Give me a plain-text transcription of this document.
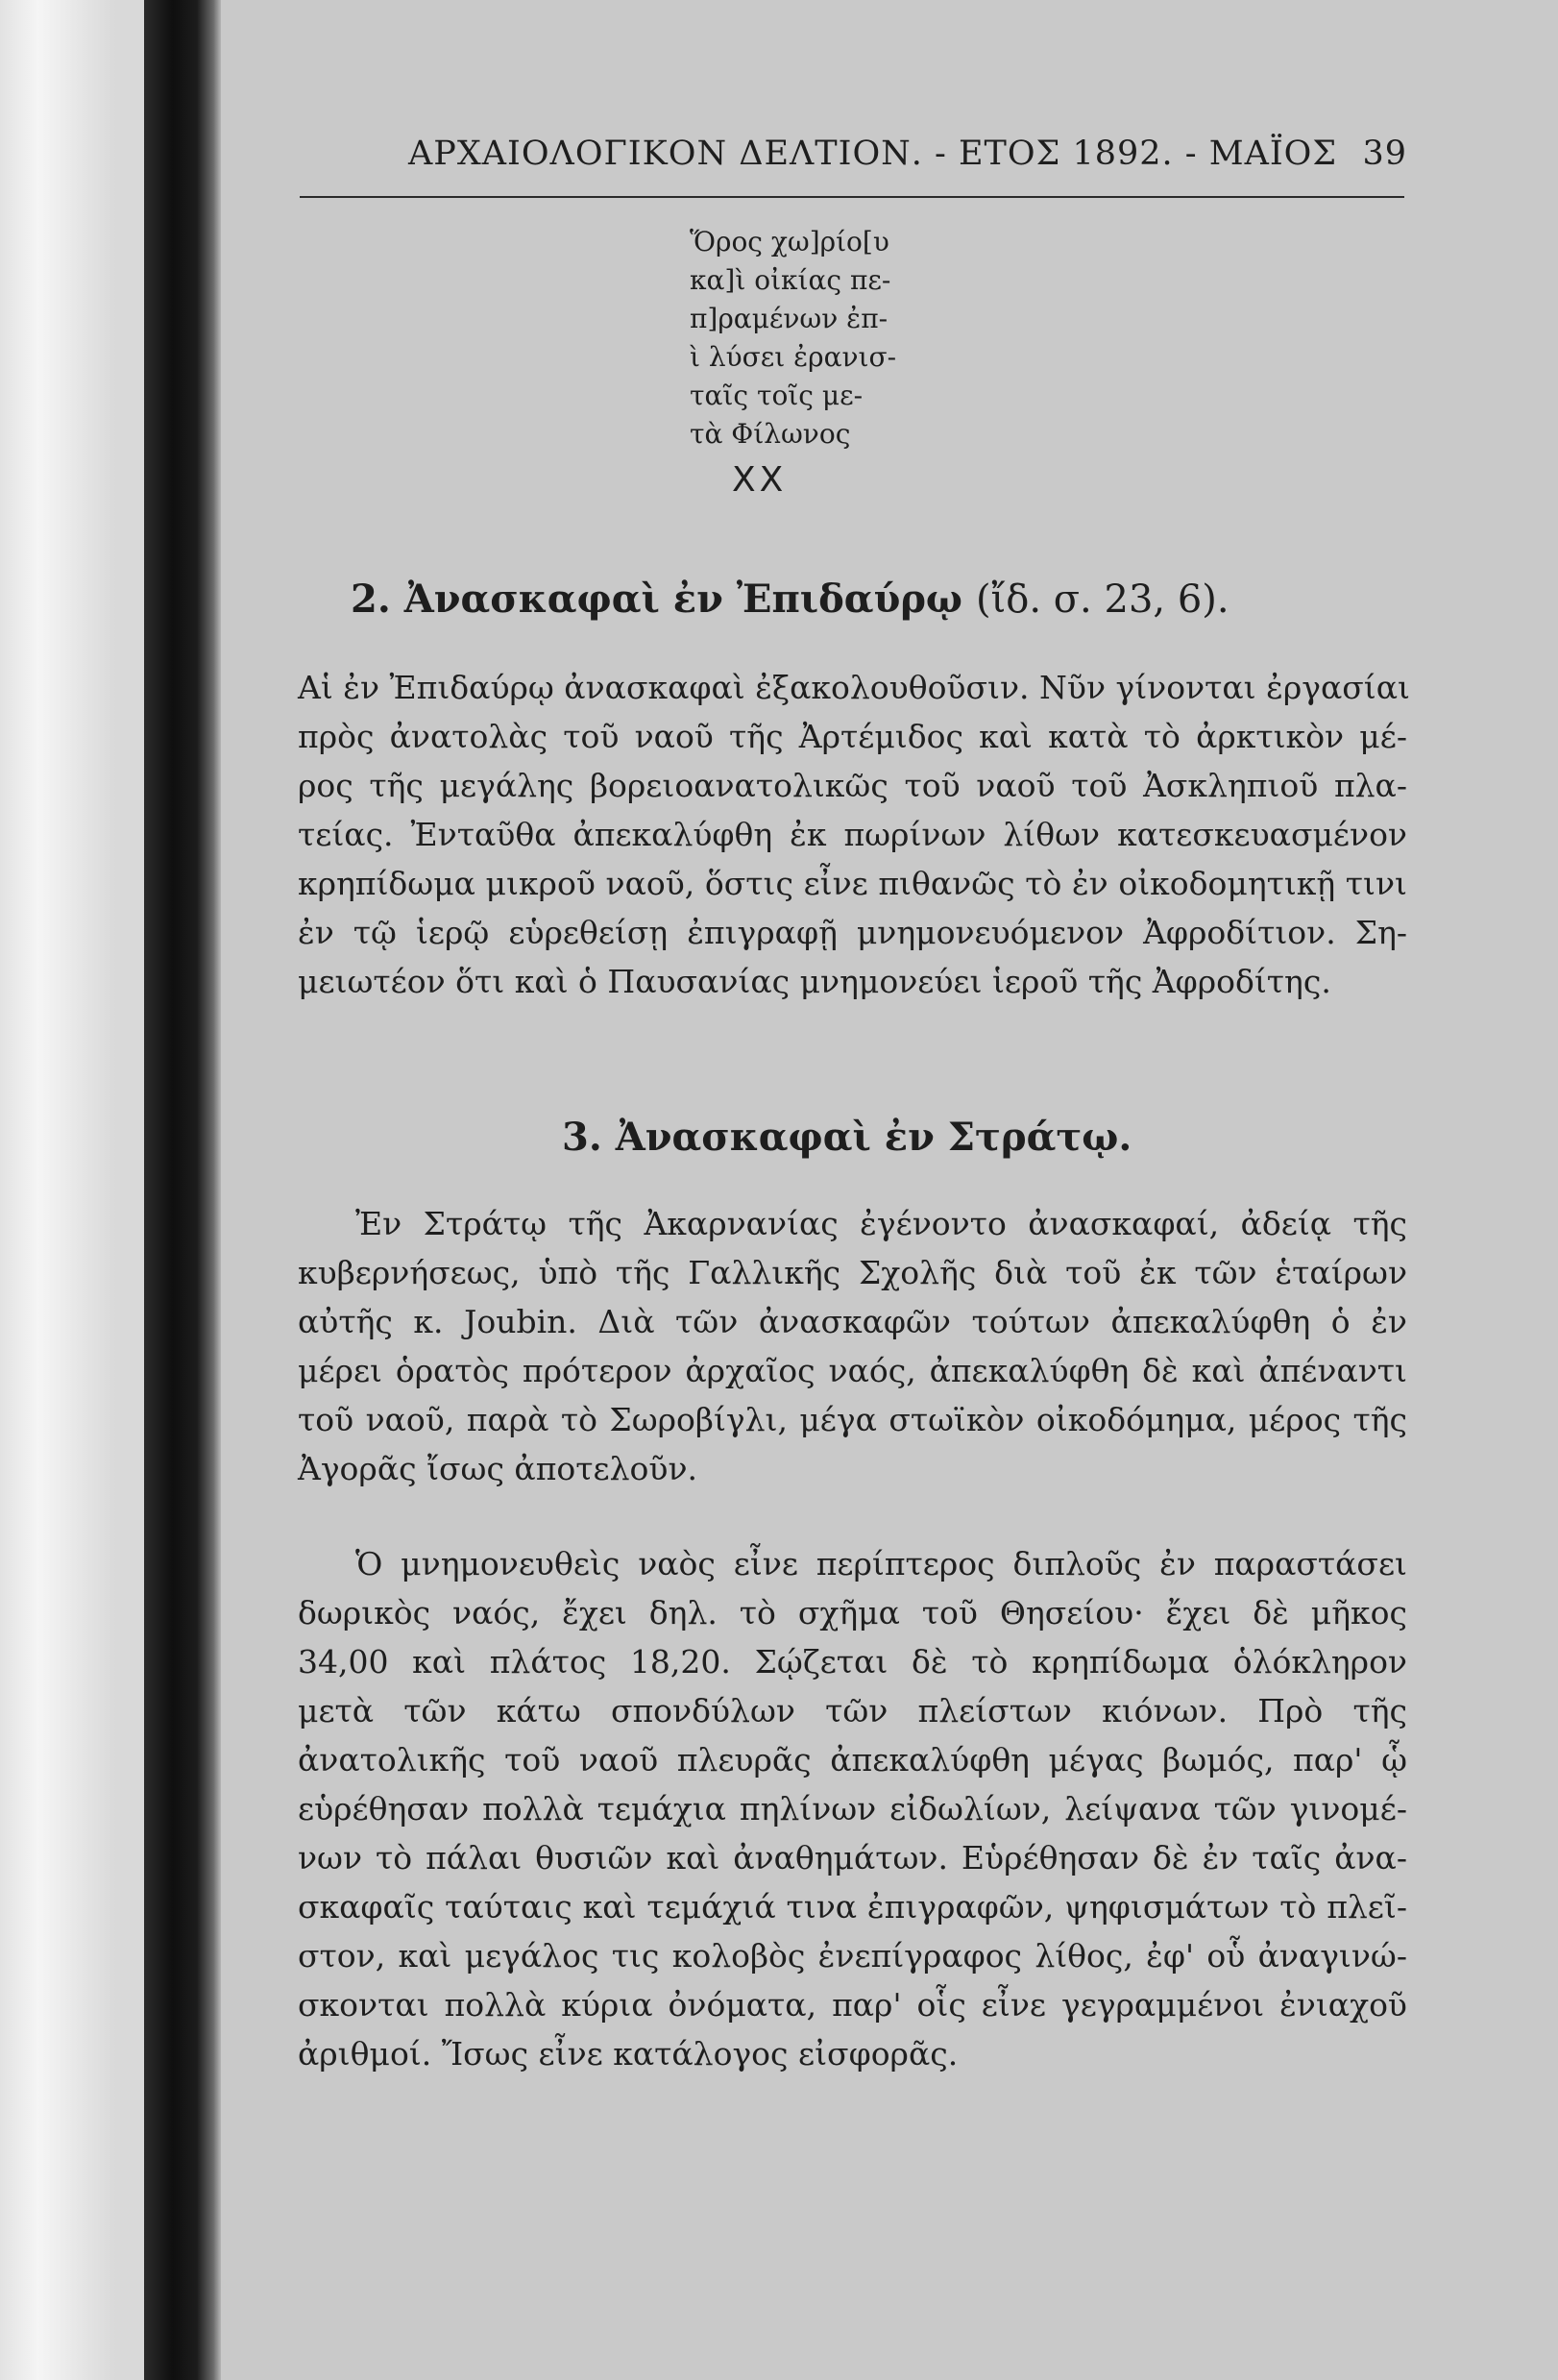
ΑΡΧΑΙΟΛΟΓΙΚΟΝ ΔΕΛΤΙΟΝ. - ΕΤΟΣ 1892. - ΜΑΪΟΣ 39
Ὅρος χω]ρίο[υ
κα]ὶ οἰκίας πε-
π]ραμένων ἐπ-
ὶ λύσει ἐρανισ-
ταῖς τοῖς με-
τὰ Φίλωνος
XX
2. Ἀνασκαφαὶ ἐν Ἐπιδαύρῳ (ἴδ. σ. 23, 6).
Αἱ ἐν Ἐπιδαύρῳ ἀνασκαφαὶ ἐξακολουθοῦσιν. Νῦν γίνονται ἐργασίαι
πρὸς ἀνατολὰς τοῦ ναοῦ τῆς Ἀρτέμιδος καὶ κατὰ τὸ ἀρκτικὸν μέ-
ρος τῆς μεγάλης βορειοανατολικῶς τοῦ ναοῦ τοῦ Ἀσκληπιοῦ πλα-
τείας. Ἐνταῦθα ἀπεκαλύφθη ἐκ πωρίνων λίθων κατεσκευασμένον
κρηπίδωμα μικροῦ ναοῦ, ὅστις εἶνε πιθανῶς τὸ ἐν οἰκοδομητικῇ τινι
ἐν τῷ ἱερῷ εὑρεθείσῃ ἐπιγραφῇ μνημονευόμενον Ἀφροδίτιον. Ση-
μειωτέον ὅτι καὶ ὁ Παυσανίας μνημονεύει ἱεροῦ τῆς Ἀφροδίτης.
3. Ἀνασκαφαὶ ἐν Στράτῳ.
Ἐν Στράτῳ τῆς Ἀκαρνανίας ἐγένοντο ἀνασκαφαί, ἀδείᾳ τῆς
κυβερνήσεως, ὑπὸ τῆς Γαλλικῆς Σχολῆς διὰ τοῦ ἐκ τῶν ἑταίρων
αὐτῆς κ. Joubin. Διὰ τῶν ἀνασκαφῶν τούτων ἀπεκαλύφθη ὁ ἐν
μέρει ὁρατὸς πρότερον ἀρχαῖος ναός, ἀπεκαλύφθη δὲ καὶ ἀπέναντι
τοῦ ναοῦ, παρὰ τὸ Σωροβίγλι, μέγα στωϊκὸν οἰκοδόμημα, μέρος τῆς
Ἀγορᾶς ἴσως ἀποτελοῦν.
Ὁ μνημονευθεὶς ναὸς εἶνε περίπτερος διπλοῦς ἐν παραστάσει
δωρικὸς ναός, ἔχει δηλ. τὸ σχῆμα τοῦ Θησείου· ἔχει δὲ μῆκος
34,00 καὶ πλάτος 18,20. Σῴζεται δὲ τὸ κρηπίδωμα ὁλόκληρον
μετὰ τῶν κάτω σπονδύλων τῶν πλείστων κιόνων. Πρὸ τῆς
ἀνατολικῆς τοῦ ναοῦ πλευρᾶς ἀπεκαλύφθη μέγας βωμός, παρ' ᾧ
εὑρέθησαν πολλὰ τεμάχια πηλίνων εἰδωλίων, λείψανα τῶν γινομέ-
νων τὸ πάλαι θυσιῶν καὶ ἀναθημάτων. Εὑρέθησαν δὲ ἐν ταῖς ἀνα-
σκαφαῖς ταύταις καὶ τεμάχιά τινα ἐπιγραφῶν, ψηφισμάτων τὸ πλεῖ-
στον, καὶ μεγάλος τις κολοβὸς ἐνεπίγραφος λίθος, ἐφ' οὗ ἀναγινώ-
σκονται πολλὰ κύρια ὀνόματα, παρ' οἷς εἶνε γεγραμμένοι ἐνιαχοῦ
ἀριθμοί. Ἴσως εἶνε κατάλογος εἰσφορᾶς.
